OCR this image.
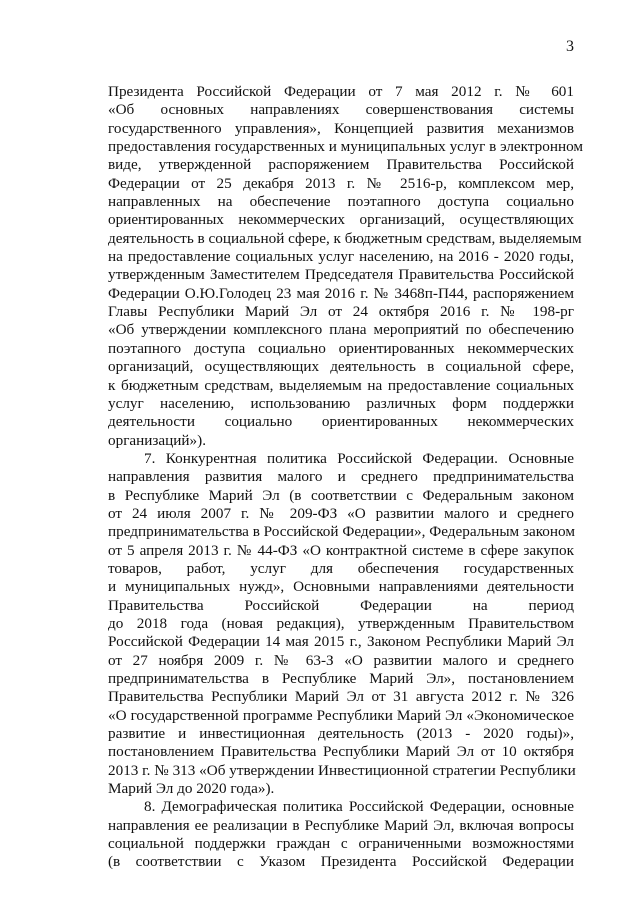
3
Президента Российской Федерации от 7 мая 2012 г. № 601
«Об основных направлениях совершенствования системы
государственного управления», Концепцией развития механизмов
предоставления государственных и муниципальных услуг в электронном
виде, утвержденной распоряжением Правительства Российской
Федерации от 25 декабря 2013 г. № 2516-р, комплексом мер,
направленных на обеспечение поэтапного доступа социально
ориентированных некоммерческих организаций, осуществляющих
деятельность в социальной сфере, к бюджетным средствам, выделяемым
на предоставление социальных услуг населению, на 2016 - 2020 годы,
утвержденным Заместителем Председателя Правительства Российской
Федерации О.Ю.Голодец 23 мая 2016 г. № 3468п-П44, распоряжением
Главы Республики Марий Эл от 24 октября 2016 г. № 198-рг
«Об утверждении комплексного плана мероприятий по обеспечению
поэтапного доступа социально ориентированных некоммерческих
организаций, осуществляющих деятельность в социальной сфере,
к бюджетным средствам, выделяемым на предоставление социальных
услуг населению, использованию различных форм поддержки
деятельности социально ориентированных некоммерческих
организаций»).
7. Конкурентная политика Российской Федерации. Основные
направления развития малого и среднего предпринимательства
в Республике Марий Эл (в соответствии с Федеральным законом
от 24 июля 2007 г. № 209-ФЗ «О развитии малого и среднего
предпринимательства в Российской Федерации», Федеральным законом
от 5 апреля 2013 г. № 44-ФЗ «О контрактной системе в сфере закупок
товаров, работ, услуг для обеспечения государственных
и муниципальных нужд», Основными направлениями деятельности
Правительства Российской Федерации на период
до 2018 года (новая редакция), утвержденным Правительством
Российской Федерации 14 мая 2015 г., Законом Республики Марий Эл
от 27 ноября 2009 г. № 63-З «О развитии малого и среднего
предпринимательства в Республике Марий Эл», постановлением
Правительства Республики Марий Эл от 31 августа 2012 г. № 326
«О государственной программе Республики Марий Эл «Экономическое
развитие и инвестиционная деятельность (2013 - 2020 годы)»,
постановлением Правительства Республики Марий Эл от 10 октября
2013 г. № 313 «Об утверждении Инвестиционной стратегии Республики
Марий Эл до 2020 года»).
8. Демографическая политика Российской Федерации, основные
направления ее реализации в Республике Марий Эл, включая вопросы
социальной поддержки граждан с ограниченными возможностями
(в соответствии с Указом Президента Российской Федерации
